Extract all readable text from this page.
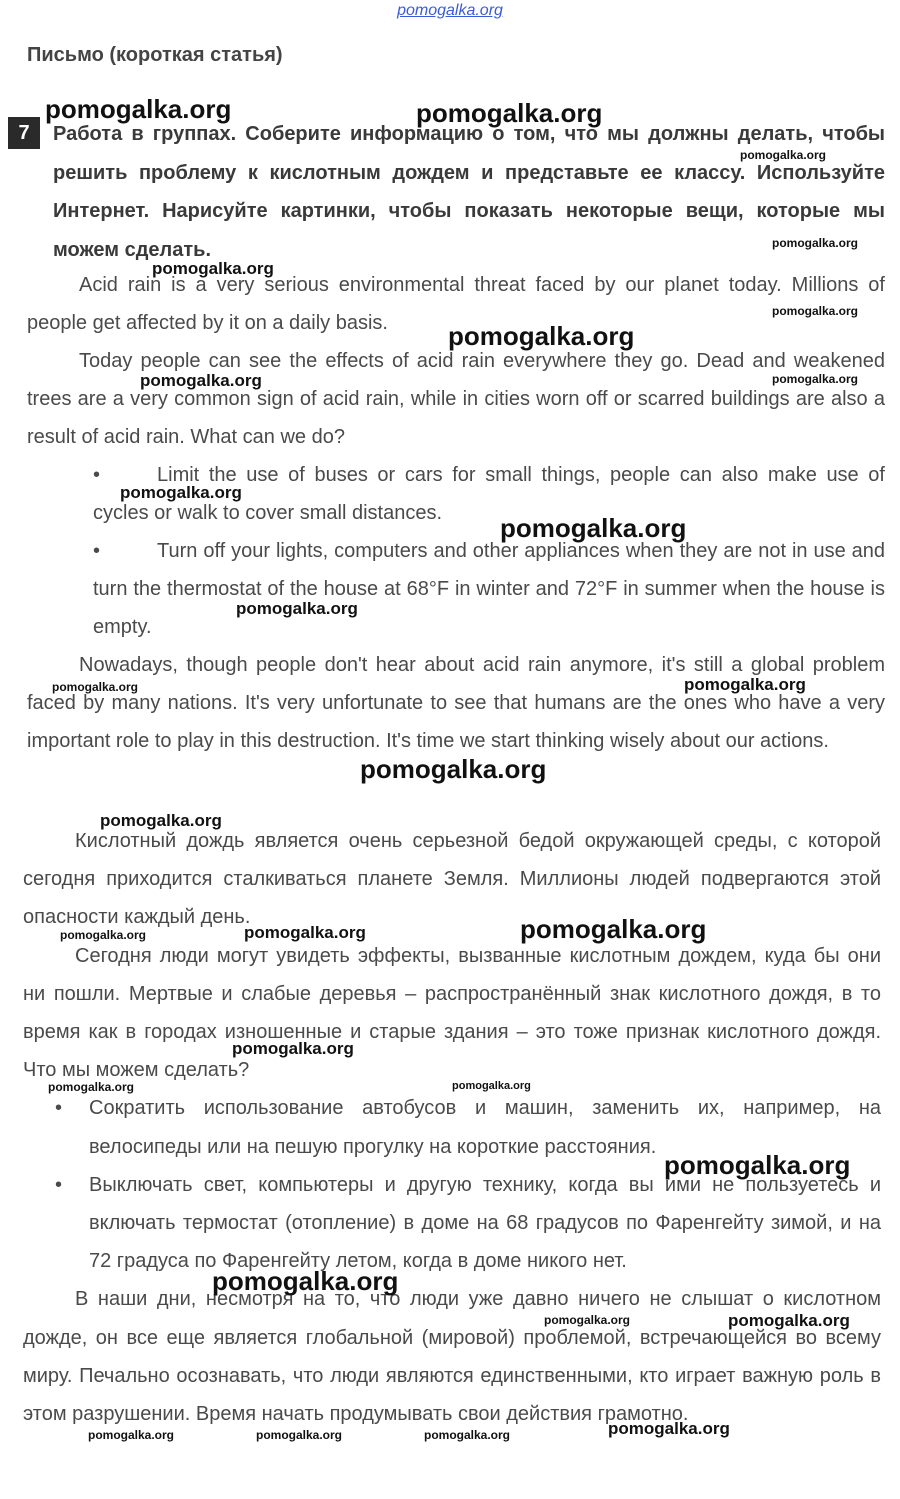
pomogalka.org
Письмо (короткая статья)
7	Работа в группах. Соберите информацию о том, что мы должны делать, чтобы решить проблему к кислотным дождем и представьте ее классу. Используйте Интернет. Нарисуйте картинки, чтобы показать некоторые вещи, которые мы можем сделать.

Acid rain is a very serious environmental threat faced by our planet today. Millions of people get affected by it on a daily basis.

Today people can see the effects of acid rain everywhere they go. Dead and weakened trees are a very common sign of acid rain, while in cities worn off or scarred buildings are also a result of acid rain. What can we do?

•	Limit the use of buses or cars for small things, people can also make use of cycles or walk to cover small distances.
•	Turn off your lights, computers and other appliances when they are not in use and turn the thermostat of the house at 68°F in winter and 72°F in summer when the house is empty.

Nowadays, though people don't hear about acid rain anymore, it's still a global problem faced by many nations. It's very unfortunate to see that humans are the ones who have a very important role to play in this destruction. It's time we start thinking wisely about our actions.

Кислотный дождь является очень серьезной бедой окружающей среды, с которой сегодня приходится сталкиваться планете Земля. Миллионы людей подвергаются этой опасности каждый день.

Сегодня люди могут увидеть эффекты, вызванные кислотным дождем, куда бы они ни пошли. Мертвые и слабые деревья – распространённый знак кислотного дождя, в то время как в городах изношенные и старые здания – это тоже признак кислотного дождя. Что мы можем сделать?

• Сократить использование автобусов и машин, заменить их, например, на велосипеды или на пешую прогулку на короткие расстояния.
• Выключать свет, компьютеры и другую технику, когда вы ими не пользуетесь и включать термостат (отопление) в доме на 68 градусов по Фаренгейту зимой, и на 72 градуса по Фаренгейту летом, когда в доме никого нет.

В наши дни, несмотря на то, что люди уже давно ничего не слышат о кислотном дожде, он все еще является глобальной (мировой) проблемой, встречающейся во всему миру. Печально осознавать, что люди являются единственными, кто играет важную роль в этом разрушении. Время начать продумывать свои действия грамотно.

pomogalka.org	pomogalka.org
pomogalka.org
pomogalka.org
pomogalka.org
pomogalka.org
pomogalka.org
pomogalka.org	pomogalka.org
pomogalka.org
pomogalka.org
pomogalka.org
pomogalka.org	pomogalka.org
pomogalka.org
pomogalka.org
pomogalka.org
pomogalka.org	pomogalka.org
pomogalka.org
pomogalka.org	pomogalka.org
pomogalka.org
pomogalka.org
pomogalka.org	pomogalka.org
pomogalka.org	pomogalka.org	pomogalka.org	pomogalka.org
